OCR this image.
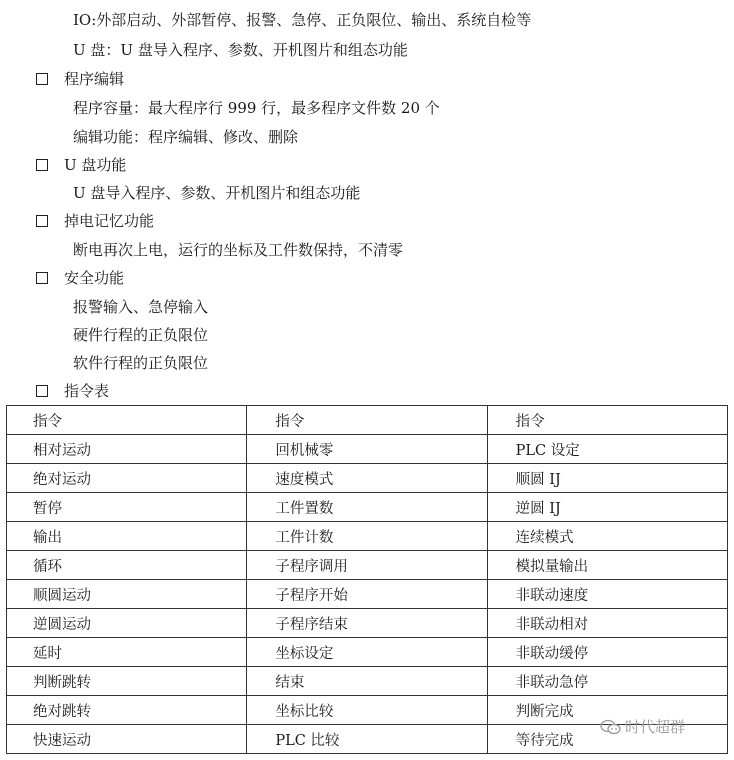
IO:外部启动、外部暂停、报警、急停、正负限位、输出、系统自检等
U 盘：U 盘导入程序、参数、开机图片和组态功能
程序编辑
程序容量：最大程序行 999 行，最多程序文件数 20 个
编辑功能：程序编辑、修改、删除
U 盘功能
U 盘导入程序、参数、开机图片和组态功能
掉电记忆功能
断电再次上电，运行的坐标及工件数保持，不清零
安全功能
报警输入、急停输入
硬件行程的正负限位
软件行程的正负限位
指令表
指令	指令	指令
相对运动	回机械零	PLC 设定
绝对运动	速度模式	顺圆 IJ
暂停	工件置数	逆圆 IJ
输出	工件计数	连续模式
循环	子程序调用	模拟量输出
顺圆运动	子程序开始	非联动速度
逆圆运动	子程序结束	非联动相对
延时	坐标设定	非联动缓停
判断跳转	结束	非联动急停
绝对跳转	坐标比较	判断完成
快速运动	PLC 比较	等待完成
时代超群
